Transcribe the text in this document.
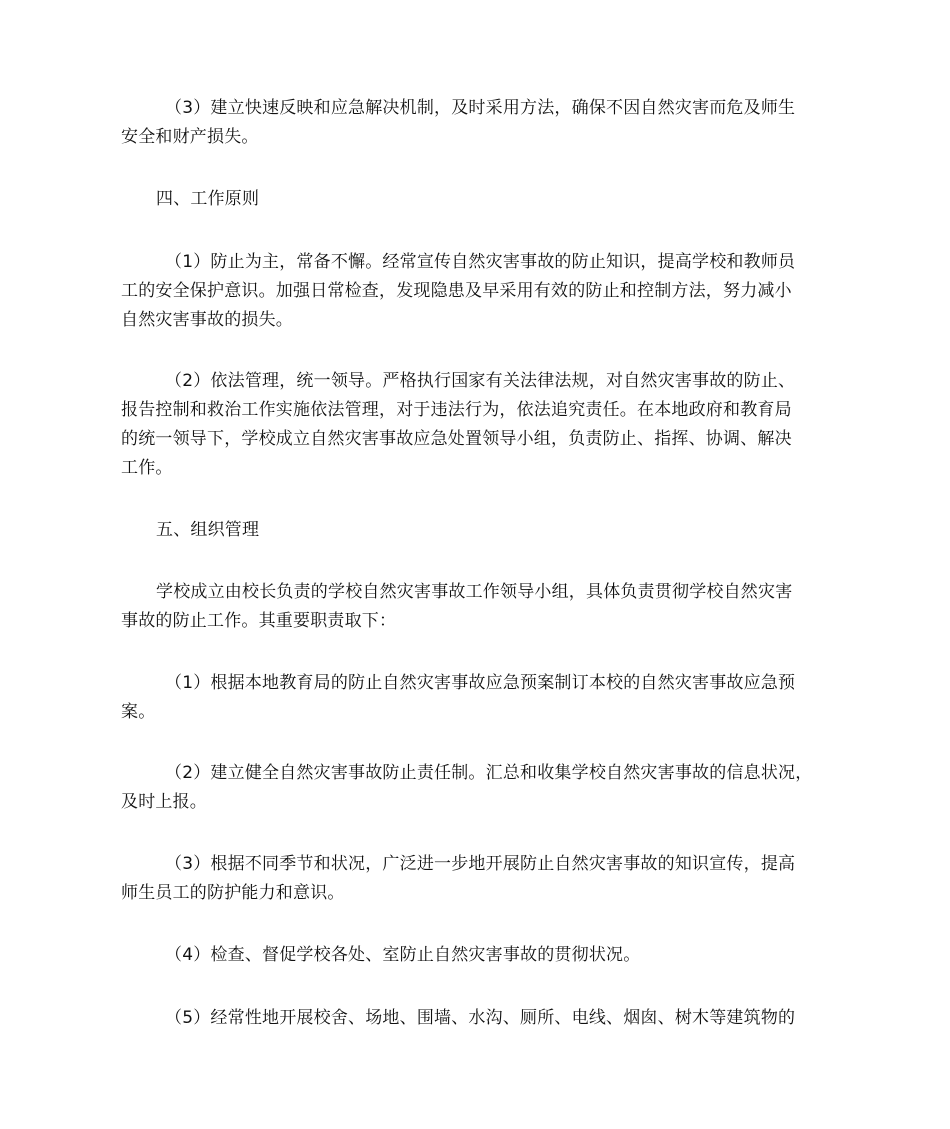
（3）建立快速反映和应急解决机制，及时采用方法，确保不因自然灾害而危及师生
安全和财产损失。
四、工作原则
（1）防止为主，常备不懈。经常宣传自然灾害事故的防止知识，提高学校和教师员
工的安全保护意识。加强日常检查，发现隐患及早采用有效的防止和控制方法，努力减小
自然灾害事故的损失。
（2）依法管理，统一领导。严格执行国家有关法律法规，对自然灾害事故的防止、
报告控制和救治工作实施依法管理，对于违法行为，依法追究责任。在本地政府和教育局
的统一领导下，学校成立自然灾害事故应急处置领导小组，负责防止、指挥、协调、解决
工作。
五、组织管理
学校成立由校长负责的学校自然灾害事故工作领导小组，具体负责贯彻学校自然灾害
事故的防止工作。其重要职责取下：
（1）根据本地教育局的防止自然灾害事故应急预案制订本校的自然灾害事故应急预
案。
（2）建立健全自然灾害事故防止责任制。汇总和收集学校自然灾害事故的信息状况，
及时上报。
（3）根据不同季节和状况，广泛进一步地开展防止自然灾害事故的知识宣传，提高
师生员工的防护能力和意识。
（4）检查、督促学校各处、室防止自然灾害事故的贯彻状况。
（5）经常性地开展校舍、场地、围墙、水沟、厕所、电线、烟囱、树木等建筑物的
